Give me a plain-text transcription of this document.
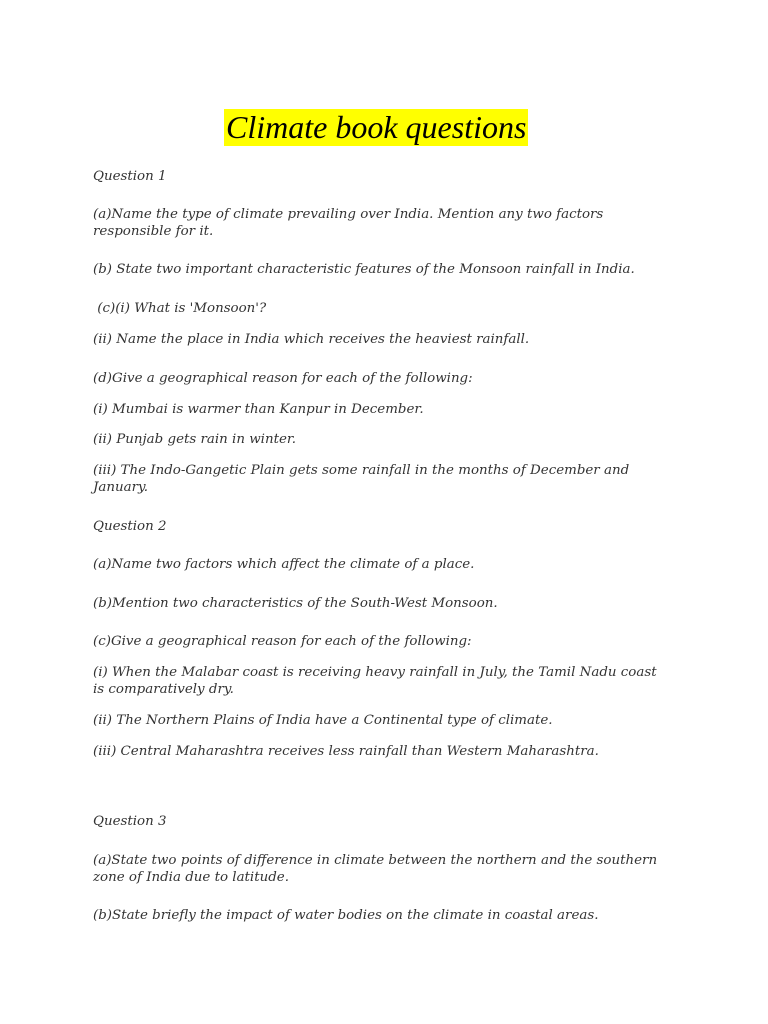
Climate book questions
Question 1
(a)Name the type of climate prevailing over India. Mention any two factors responsible for it.
(b) State two important characteristic features of the Monsoon rainfall in India.
(c)(i) What is 'Monsoon'?
(ii) Name the place in India which receives the heaviest rainfall.
(d)Give a geographical reason for each of the following:
(i) Mumbai is warmer than Kanpur in December.
(ii) Punjab gets rain in winter.
(iii) The Indo-Gangetic Plain gets some rainfall in the months of December and January.
Question 2
(a)Name two factors which affect the climate of a place.
(b)Mention two characteristics of the South-West Monsoon.
(c)Give a geographical reason for each of the following:
(i) When the Malabar coast is receiving heavy rainfall in July, the Tamil Nadu coast is comparatively dry.
(ii) The Northern Plains of India have a Continental type of climate.
(iii) Central Maharashtra receives less rainfall than Western Maharashtra.
Question 3
(a)State two points of difference in climate between the northern and the southern zone of India due to latitude.
(b)State briefly the impact of water bodies on the climate in coastal areas.
